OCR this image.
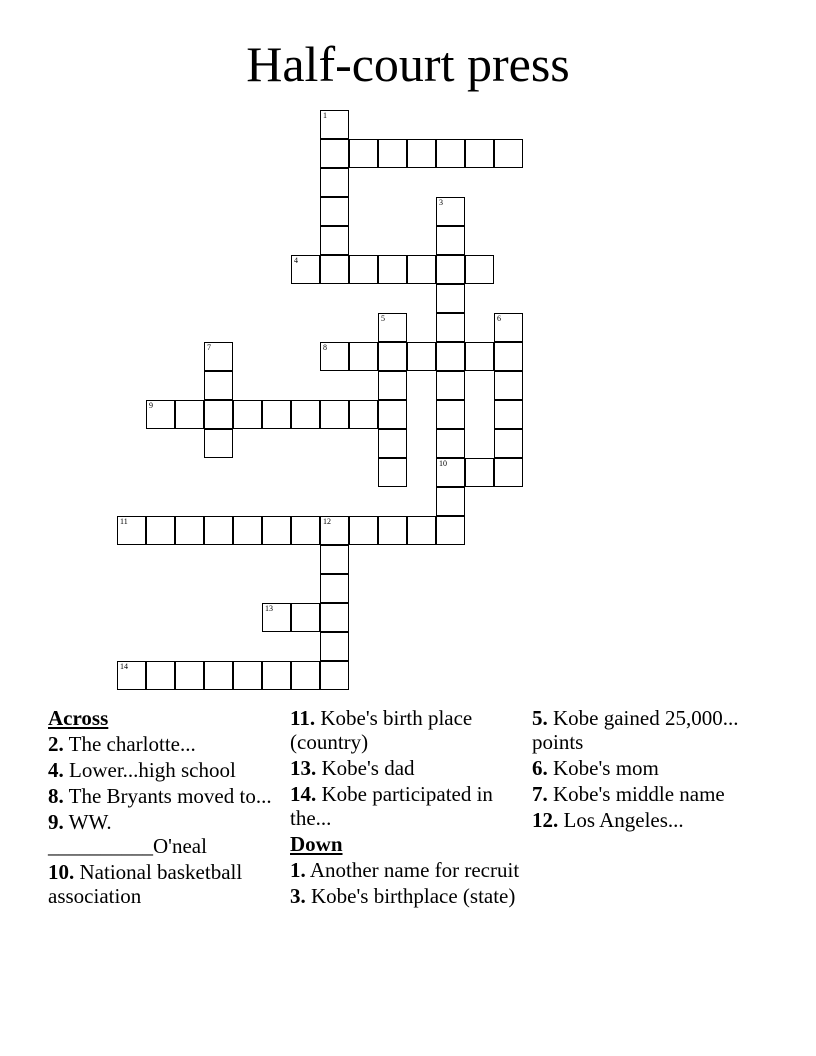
Half-court press
4
8
9
10
11	12
13
14
1
3
5	6
7
Across
2. The charlotte...
4. Lower...high school
8. The Bryants moved to...
9. WW. __________O'neal
10. National basketball association
11. Kobe's birth place (country)
13. Kobe's dad
14. Kobe participated in the...
Down
1. Another name for recruit
3. Kobe's birthplace (state)
5. Kobe gained 25,000... points
6. Kobe's mom
7. Kobe's middle name
12. Los Angeles...
